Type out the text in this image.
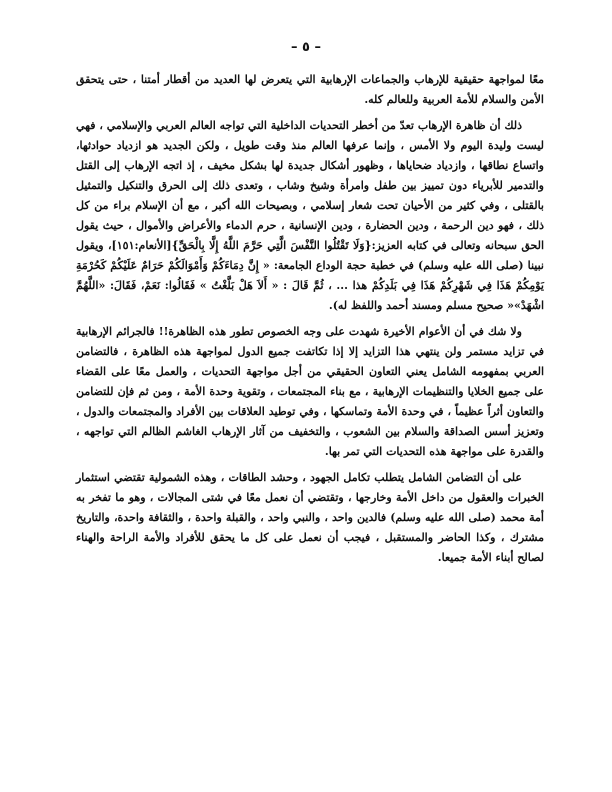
– ٥ –

معًا لمواجهة حقيقية للإرهاب والجماعات الإرهابية التي يتعرض لها العديد من أقطار أمتنا ، حتى يتحقق الأمن والسلام للأمة العربية وللعالم كله.

ذلك أن ظاهرة الإرهاب تعدّ من أخطر التحديات الداخلية التي تواجه العالم العربي والإسلامي ، فهي ليست وليدة اليوم ولا الأمس ، وإنما عرفها العالم منذ وقت طويل ، ولكن الجديد هو ازدياد حوادثها، واتساع نطاقها ، وازدياد ضحاياها ، وظهور أشكال جديدة لها بشكل مخيف ، إذ اتجه الإرهاب إلى القتل والتدمير للأبرياء دون تمييز بين طفل وامرأة وشيخ وشاب ، وتعدى ذلك إلى الحرق والتنكيل والتمثيل بالقتلى ، وفي كثير من الأحيان تحت شعار إسلامي ، وبصيحات الله أكبر ، مع أن الإسلام براء من كل ذلك ، فهو دين الرحمة ، ودين الحضارة ، ودين الإنسانية ، حرم الدماء والأعراض والأموال ، حيث يقول الحق سبحانه وتعالى في كتابه العزيز:{وَلَا تَقْتُلُوا النَّفْسَ الَّتِي حَرَّمَ اللَّهُ إِلَّا بِالْحَقِّ}[الأنعام:١٥١]، ويقول نبينا (صلى الله عليه وسلم) في خطبة حجة الوداع الجامعة: « إِنَّ دِمَاءَكُمْ وَأَمْوَالَكُمْ حَرَامٌ عَلَيْكُمْ كَحُرْمَةِ يَوْمِكُمْ هَذَا فِي شَهْرِكُمْ هَذَا فِي بَلَدِكُمْ هذا ... ، ثُمَّ قَالَ : « أَلاَ هَلْ بَلَّغْتُ » فَقَالُوا: نَعَمْ، فَقَالَ: «اللَّهُمَّ اشْهَدْ»« صحيح مسلم ومسند أحمد واللفظ له).

ولا شك في أن الأعوام الأخيرة شهدت على وجه الخصوص تطور هذه الظاهرة!! فالجرائم الإرهابية في تزايد مستمر ولن ينتهي هذا التزايد إلا إذا تكاتفت جميع الدول لمواجهة هذه الظاهرة ، فالتضامن العربي بمفهومه الشامل يعني التعاون الحقيقي من أجل مواجهة التحديات ، والعمل معًا على القضاء على جميع الخلايا والتنظيمات الإرهابية ، مع بناء المجتمعات ، وتقوية وحدة الأمة ، ومن ثم فإن للتضامن والتعاون أثراً عظيماً ، في وحدة الأمة وتماسكها ، وفي توطيد العلاقات بين الأفراد والمجتمعات والدول ، وتعزيز أسس الصداقة والسلام بين الشعوب ، والتخفيف من آثار الإرهاب الغاشم الظالم التي تواجهه ، والقدرة على مواجهة هذه التحديات التي تمر بها.

على أن التضامن الشامل يتطلب تكامل الجهود ، وحشد الطاقات ، وهذه الشمولية تقتضي استثمار الخبرات والعقول من داخل الأمة وخارجها ، وتقتضي أن نعمل معًا في شتى المجالات ، وهو ما تفخر به أمة محمد (صلى الله عليه وسلم) فالدين واحد ، والنبي واحد ، والقبلة واحدة ، والثقافة واحدة، والتاريخ مشترك ، وكذا الحاضر والمستقبل ، فيجب أن نعمل على كل ما يحقق للأفراد والأمة الراحة والهناء لصالح أبناء الأمة جميعا.
